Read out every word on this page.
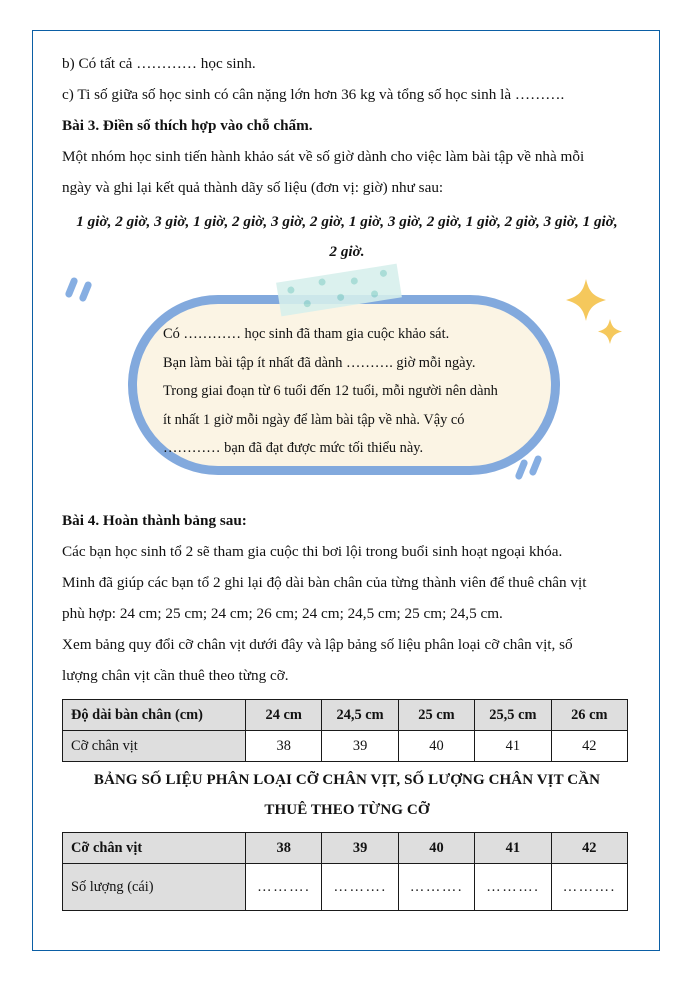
b) Có tất cả ………… học sinh.

c) Ti số giữa số học sinh có cân nặng lớn hơn 36 kg và tổng số học sinh là ……….

Bài 3. Điền số thích hợp vào chỗ chấm.

Một nhóm học sinh tiến hành khảo sát về số giờ dành cho việc làm bài tập về nhà mỗi

ngày và ghi lại kết quả thành dãy số liệu (đơn vị: giờ) như sau:

1 giờ, 2 giờ, 3 giờ, 1 giờ, 2 giờ, 3 giờ, 2 giờ, 1 giờ, 3 giờ, 2 giờ, 1 giờ, 2 giờ, 3 giờ, 1 giờ, 2 giờ.

Có ………… học sinh đã tham gia cuộc khảo sát.

Bạn làm bài tập ít nhất đã dành ………. giờ mỗi ngày.

Trong giai đoạn từ 6 tuổi đến 12 tuổi, mỗi người nên dành

ít nhất 1 giờ mỗi ngày để làm bài tập về nhà. Vậy có

………… bạn đã đạt được mức tối thiểu này.

Bài 4. Hoàn thành bảng sau:

Các bạn học sinh tổ 2 sẽ tham gia cuộc thi bơi lội trong buổi sinh hoạt ngoại khóa.

Minh đã giúp các bạn tổ 2 ghi lại độ dài bàn chân của từng thành viên để thuê chân vịt

phù hợp: 24 cm; 25 cm; 24 cm; 26 cm; 24 cm; 24,5 cm; 25 cm; 24,5 cm.

Xem bảng quy đổi cỡ chân vịt dưới đây và lập bảng số liệu phân loại cỡ chân vịt, số

lượng chân vịt cần thuê theo từng cỡ.

Độ dài bàn chân (cm)	24 cm	24,5 cm	25 cm	25,5 cm	26 cm
Cỡ chân vịt	38	39	40	41	42

BẢNG SỐ LIỆU PHÂN LOẠI CỠ CHÂN VỊT, SỐ LƯỢNG CHÂN VỊT CẦN

THUÊ THEO TỪNG CỠ

Cỡ chân vịt	38	39	40	41	42
Số lượng (cái)	……….	……….	……….	……….	……….
